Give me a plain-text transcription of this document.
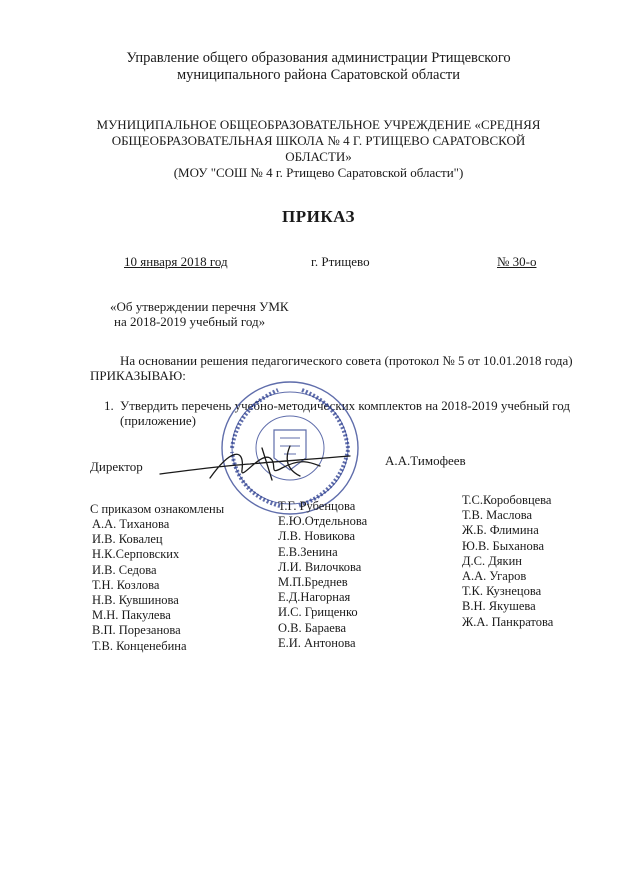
Управление общего образования администрации Ртищевского
муниципального района Саратовской области
МУНИЦИПАЛЬНОЕ ОБЩЕОБРАЗОВАТЕЛЬНОЕ УЧРЕЖДЕНИЕ «СРЕДНЯЯ
ОБЩЕОБРАЗОВАТЕЛЬНАЯ ШКОЛА № 4 Г. РТИЩЕВО САРАТОВСКОЙ
ОБЛАСТИ»
(МОУ "СОШ № 4 г. Ртищево Саратовской области")
ПРИКАЗ
10 января 2018 год	г. Ртищево	№ 30-о
«Об утверждении перечня УМК
на 2018-2019 учебный год»
На основании решения педагогического совета (протокол № 5 от 10.01.2018 года)
ПРИКАЗЫВАЮ:
1. Утвердить перечень учебно-методических комплектов на 2018-2019 учебный год
(приложение)
Директор	А.А.Тимофеев
С приказом ознакомлены
А.А. Тиханова
И.В. Ковалец
Н.К.Серповских
И.В. Седова
Т.Н. Козлова
Н.В. Кувшинова
М.Н. Пакулева
В.П. Порезанова
Т.В. Конценебина
Т.Г. Рубенцова
Е.Ю.Отдельнова
Л.В. Новикова
Е.В.Зенина
Л.И. Вилочкова
М.П.Бреднев
Е.Д.Нагорная
И.С. Грищенко
О.В. Бараева
Е.И. Антонова
Т.С.Коробовцева
Т.В. Маслова
Ж.Б. Флимина
Ю.В. Быханова
Д.С. Дякин
А.А. Угаров
Т.К. Кузнецова
В.Н. Якушева
Ж.А. Панкратова
